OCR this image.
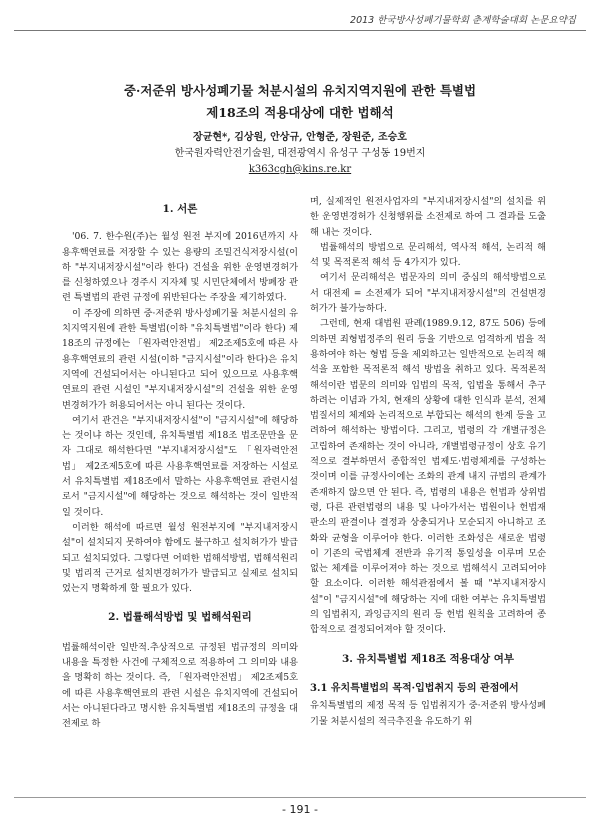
2013 한국방사성폐기물학회 춘계학술대회 논문요약집
중·저준위 방사성폐기물 처분시설의 유치지역지원에 관한 특별법
제18조의 적용대상에 대한 법해석
장균현*, 김상원, 안상규, 안형준, 장원준, 조승호
한국원자력안전기술원, 대전광역시 유성구 구성동 19번지
k363cgh@kins.re.kr
1. 서론

'06. 7. 한수원(주)는 월성 원전 부지에 2016년까지 사용후핵연료를 저장할 수 있는 용량의 조밀건식저장시설(이하 "부지내저장시설"이라 한다) 건설을 위한 운영변경허가를 신청하였으나 경주시 지자체 및 시민단체에서 방폐장 관련 특별법의 관련 규정에 위반된다는 주장을 제기하였다.

이 주장에 의하면 중·저준위 방사성폐기물 처분시설의 유치지역지원에 관한 특별법(이하 "유치특별법"이라 한다) 제18조의 규정에는 「원자력안전법」 제2조제5호에 따른 사용후핵연료의 관련 시설(이하 "금지시설"이라 한다)은 유치지역에 건설되어서는 아니된다고 되어 있으므로 사용후핵연료의 관련 시설인 "부지내저장시설"의 건설을 위한 운영변경허가가 허용되어서는 아니 된다는 것이다.

여기서 관건은 "부지내저장시설"이 "금지시설"에 해당하는 것이냐 하는 것인데, 유치특별법 제18조 법조문만을 문자 그대로 해석한다면 "부지내저장시설"도 「원자력안전법」 제2조제5호에 따른 사용후핵연료를 저장하는 시설로서 유치특별법 제18조에서 말하는 사용후핵연료 관련시설로서 "금지시설"에 해당하는 것으로 해석하는 것이 일반적일 것이다.

이러한 해석에 따르면 월성 원전부지에 "부지내저장시설"이 설치되지 못하여야 함에도 불구하고 설치허가가 발급되고 설치되었다. 그렇다면 어떠한 법해석방법, 법해석원리 및 법리적 근거로 설치변경허가가 발급되고 실제로 설치되었는지 명확하게 할 필요가 있다.

2. 법률해석방법 및 법해석원리

법률해석이란 일반적.추상적으로 규정된 법규정의 의미와 내용을 특정한 사건에 구체적으로 적용하여 그 의미와 내용을 명확히 하는 것이다. 즉, 「원자력안전법」 제2조제5호에 따른 사용후핵연료의 관련 시설은 유치지역에 건설되어서는 아니된다라고 명시한 유치특별법 제18조의 규정을 대전제로 하

며, 실제적인 원전사업자의 "부지내저장시설"의 설치를 위한 운영변경허가 신청행위를 소전제로 하여 그 결과를 도출해 내는 것이다.

법률해석의 방법으로 문리해석, 역사적 해석, 논리적 해석 및 목적론적 해석 등 4가지가 있다.

여기서 문리해석은 법문자의 의미 중심의 해석방법으로서 대전제 = 소전제가 되어 "부지내저장시설"의 건설변경허가가 불가능하다.

그런데, 현재 대법원 판례(1989.9.12, 87도 506) 등에 의하면 죄형법정주의 원리 등을 기반으로 엄격하게 법을 적용하여야 하는 형법 등을 제외하고는 일반적으로 논리적 해석을 포함한 목적론적 해석 방법을 취하고 있다. 목적론적 해석이란 법문의 의미와 입법의 목적, 입법을 통해서 추구하려는 이념과 가치, 현재의 상황에 대한 인식과 분석, 전체 법질서의 체계와 논리적으로 부합되는 해석의 한계 등을 고려하여 해석하는 방법이다. 그리고, 법령의 각 개별규정은 고립하여 존재하는 것이 아니라, 개별법령규정이 상호 유기적으로 결부하면서 종합적인 법제도·법령체계를 구성하는 것이며 이를 규정사이에는 조화의 관계 내지 규범의 관계가 존재하지 않으면 안 된다. 즉, 법령의 내용은 헌법과 상위법령, 다른 관련법령의 내용 및 나아가서는 법원이나 헌법재판소의 판결이나 결정과 상충되거나 모순되지 아니하고 조화와 균형을 이루어야 한다. 이러한 조화성은 새로운 법령이 기존의 국법체계 전반과 유기적 통일성을 이루며 모순 없는 체계를 이루어져야 하는 것으로 법해석시 고려되어야 할 요소이다. 이러한 해석관점에서 볼 때 "부지내저장시설"이 "금지시설"에 해당하는 지에 대한 여부는 유치특별법의 입법취지, 과잉금지의 원리 등 헌법 원칙을 고려하여 종합적으로 결정되어져야 할 것이다.

3. 유치특별법 제18조 적용대상 여부
3.1 유치특별법의 목적·입법취지 등의 관점에서

유치특별법의 제정 목적 등 입법취지가 중·저준위 방사성폐기물 처분시설의 적극추진을 유도하기 위

- 191 -
